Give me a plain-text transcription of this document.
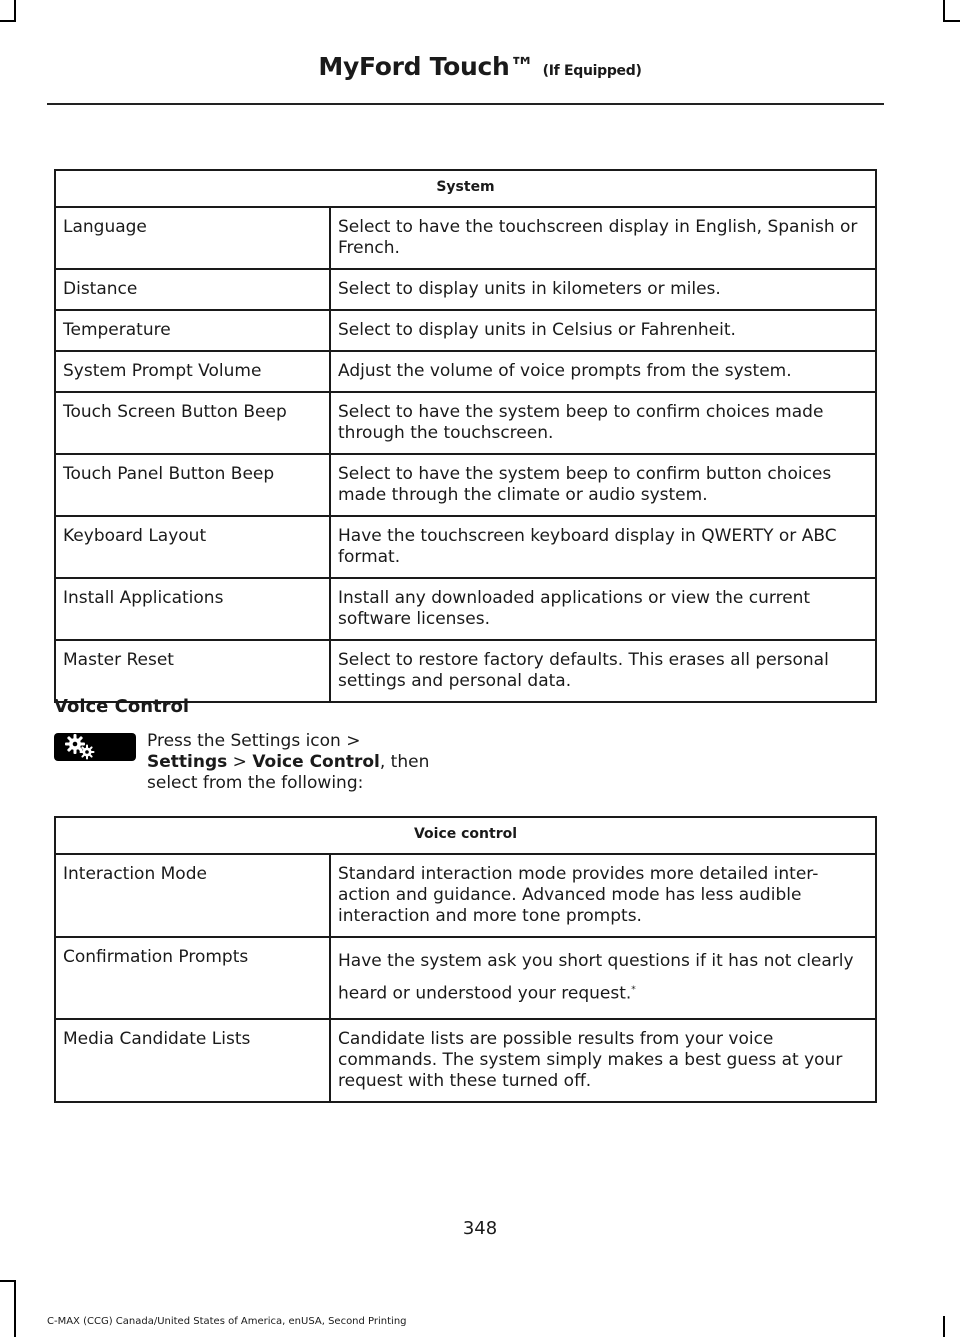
MyFord Touch™ (If Equipped)
System	
Language	Select to have the touchscreen display in English, Spanish or French.
Distance	Select to display units in kilometers or miles.
Temperature	Select to display units in Celsius or Fahrenheit.
System Prompt Volume	Adjust the volume of voice prompts from the system.
Touch Screen Button Beep	Select to have the system beep to confirm choices made through the touchscreen.
Touch Panel Button Beep	Select to have the system beep to confirm button choices made through the climate or audio system.
Keyboard Layout	Have the touchscreen keyboard display in QWERTY or ABC format.
Install Applications	Install any downloaded applications or view the current software licenses.
Master Reset	Select to restore factory defaults. This erases all personal settings and personal data.
Voice Control
Press the Settings icon >
Settings > Voice Control, then select from the following:
Voice control	
Interaction Mode	Standard interaction mode provides more detailed inter-action and guidance. Advanced mode has less audible interaction and more tone prompts.
Confirmation Prompts	Have the system ask you short questions if it has not clearly heard or understood your request.*
Media Candidate Lists	Candidate lists are possible results from your voice commands. The system simply makes a best guess at your request with these turned off.
348
C-MAX (CCG) Canada/United States of America, enUSA, Second Printing
